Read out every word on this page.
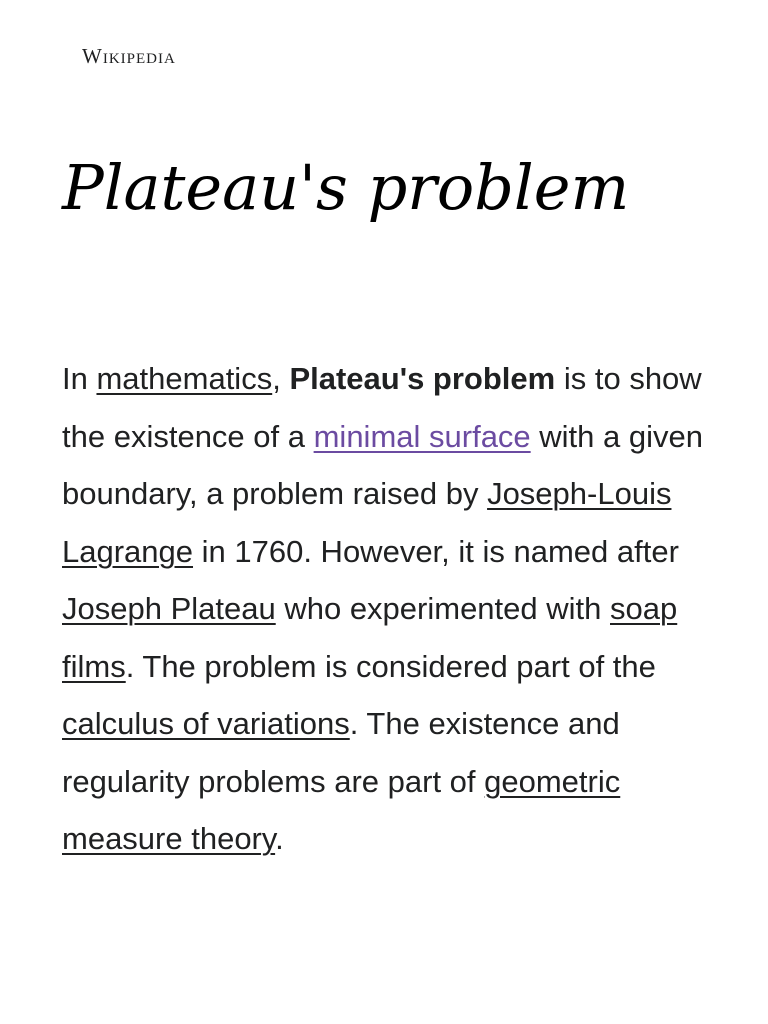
Wikipedia
Plateau's problem

In mathematics, Plateau's problem is to show the existence of a minimal surface with a given boundary, a problem raised by Joseph-Louis Lagrange in 1760. However, it is named after Joseph Plateau who experimented with soap films. The problem is considered part of the calculus of variations. The existence and regularity problems are part of geometric measure theory.
